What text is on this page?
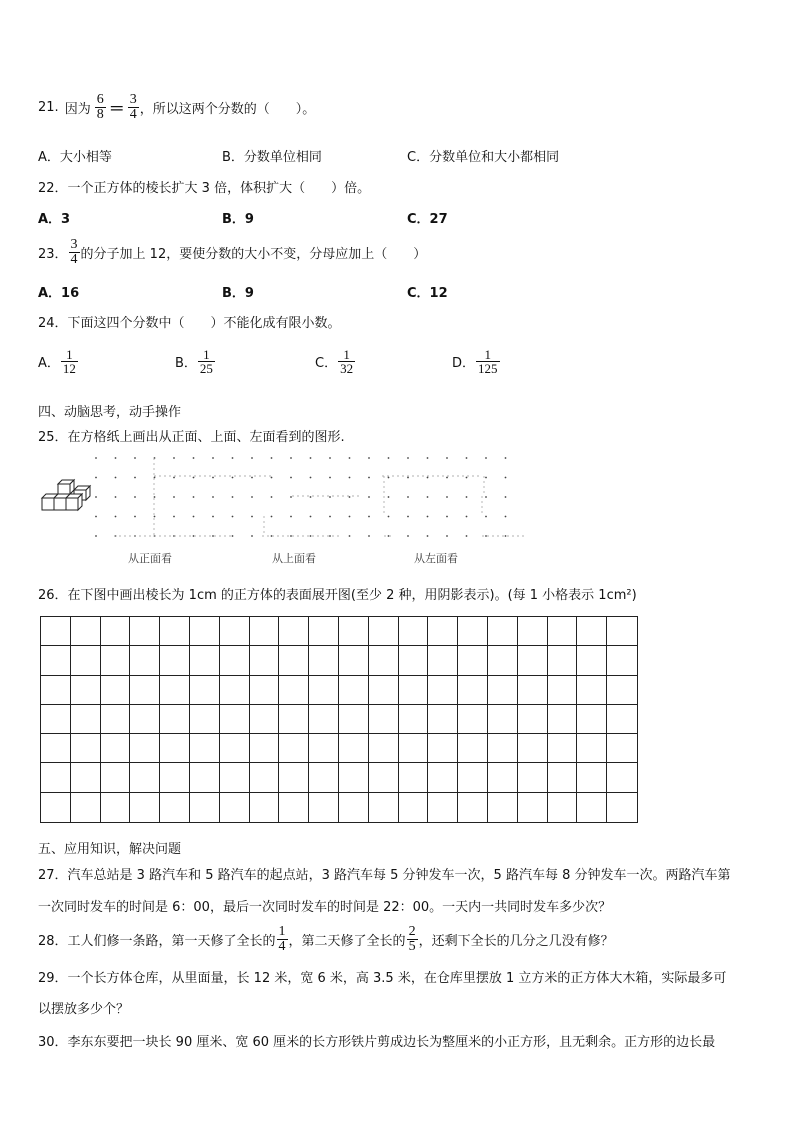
21. 因为 $\frac{6}{8} = \frac{3}{4}$ ，所以这两个分数的（　　）。
A．大小相等	B．分数单位相同	C．分数单位和大小都相同
22．一个正方体的棱长扩大 3 倍，体积扩大（　　）倍。
A．3	B．9	C．27
23． $\frac{3}{4}$ 的分子加上 12，要使分数的大小不变，分母应加上（　　）
A．16	B．9	C．12
24．下面这四个分数中（　　）不能化成有限小数。
A． $\frac{1}{12}$	B． $\frac{1}{25}$	C． $\frac{1}{32}$	D． $\frac{1}{125}$
四、动脑思考，动手操作
25．在方格纸上画出从正面、上面、左面看到的图形.
从正面看	从上面看	从左面看
26．在下图中画出棱长为 1cm 的正方体的表面展开图(至少 2 种，用阴影表示)。(每 1 小格表示 1cm²)
五、应用知识，解决问题
27．汽车总站是 3 路汽车和 5 路汽车的起点站，3 路汽车每 5 分钟发车一次，5 路汽车每 8 分钟发车一次。两路汽车第
一次同时发车的时间是 6：00，最后一次同时发车的时间是 22：00。一天内一共同时发车多少次？
28．工人们修一条路，第一天修了全长的 $\frac{1}{4}$ ，第二天修了全长的 $\frac{2}{5}$ ，还剩下全长的几分之几没有修？
29．一个长方体仓库，从里面量，长 12 米，宽 6 米，高 3.5 米，在仓库里摆放 1 立方米的正方体大木箱，实际最多可
以摆放多少个？
30．李东东要把一块长 90 厘米、宽 60 厘米的长方形铁片剪成边长为整厘米的小正方形，且无剩余。正方形的边长最
